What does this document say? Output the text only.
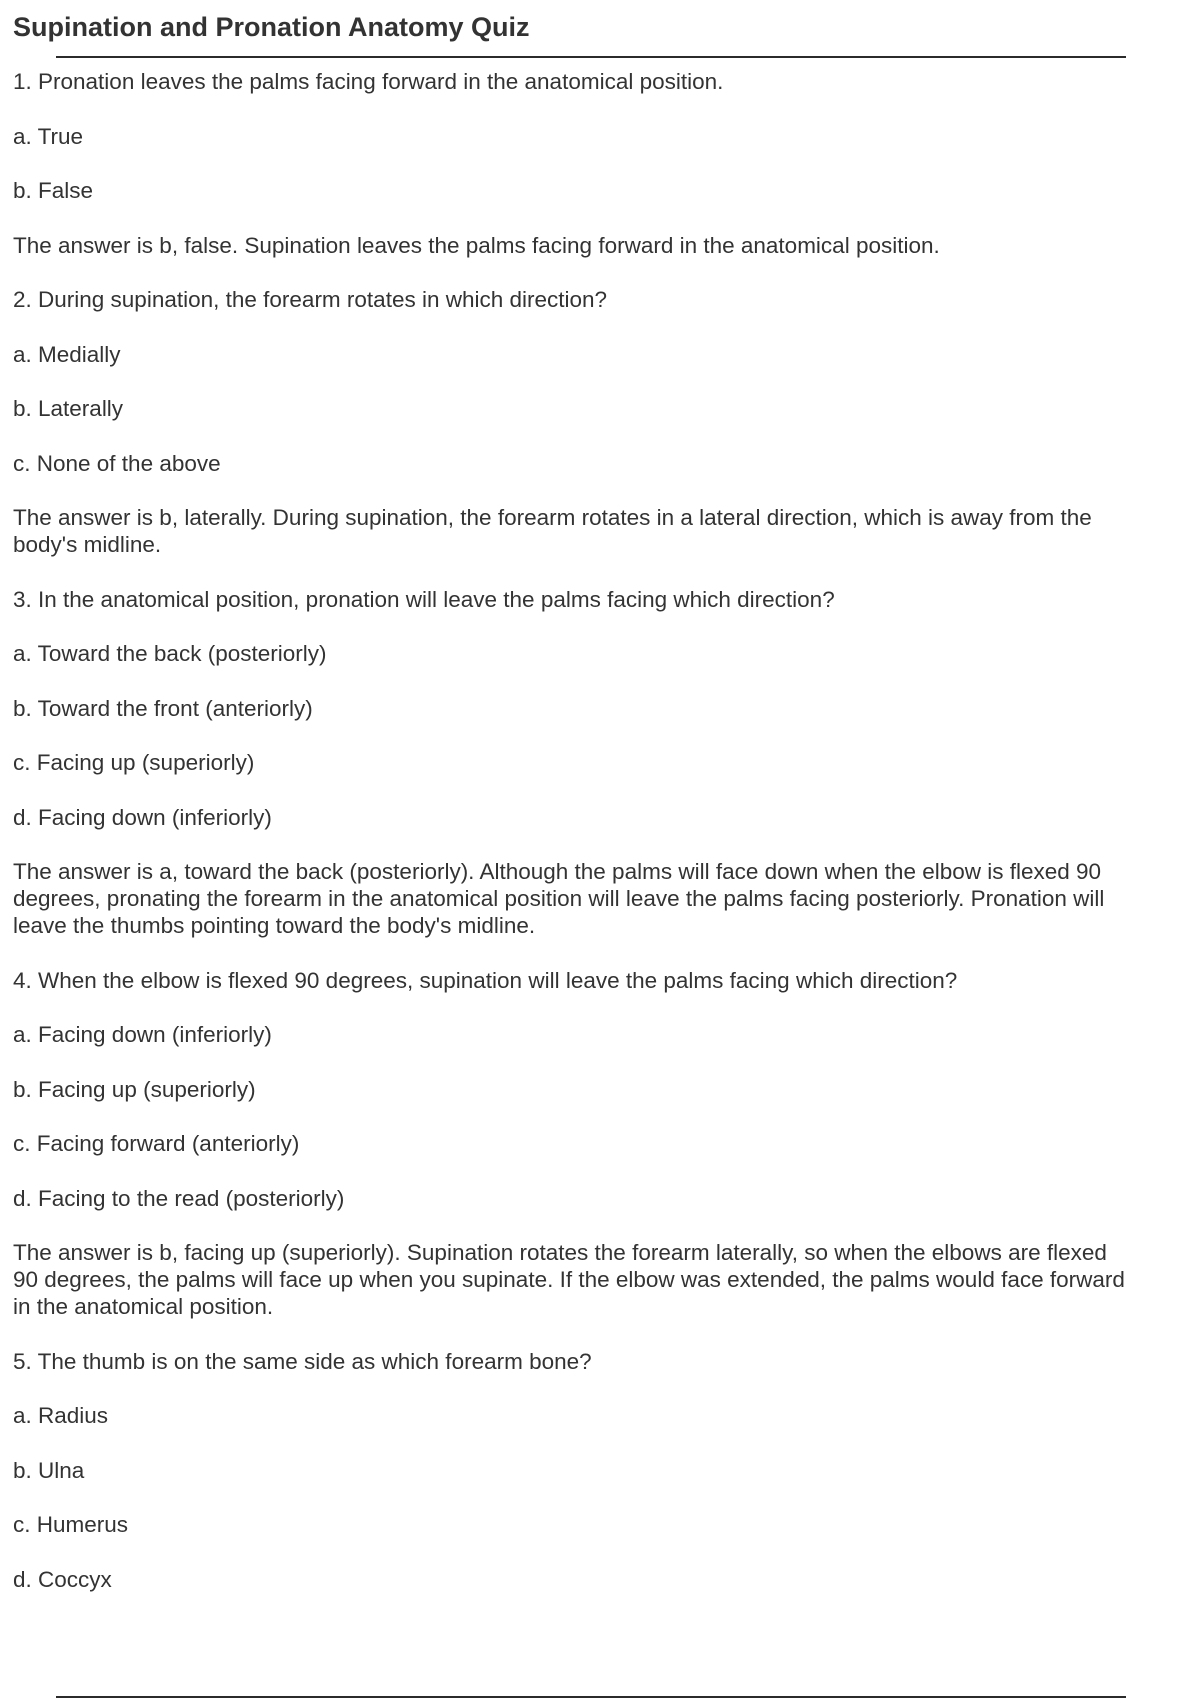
Supination and Pronation Anatomy Quiz
1. Pronation leaves the palms facing forward in the anatomical position.
a. True
b. False
The answer is b, false. Supination leaves the palms facing forward in the anatomical position.
2. During supination, the forearm rotates in which direction?
a. Medially
b. Laterally
c. None of the above
The answer is b, laterally. During supination, the forearm rotates in a lateral direction, which is away from the
body's midline.
3. In the anatomical position, pronation will leave the palms facing which direction?
a. Toward the back (posteriorly)
b. Toward the front (anteriorly)
c. Facing up (superiorly)
d. Facing down (inferiorly)
The answer is a, toward the back (posteriorly). Although the palms will face down when the elbow is flexed 90
degrees, pronating the forearm in the anatomical position will leave the palms facing posteriorly. Pronation will
leave the thumbs pointing toward the body's midline.
4. When the elbow is flexed 90 degrees, supination will leave the palms facing which direction?
a. Facing down (inferiorly)
b. Facing up (superiorly)
c. Facing forward (anteriorly)
d. Facing to the read (posteriorly)
The answer is b, facing up (superiorly). Supination rotates the forearm laterally, so when the elbows are flexed
90 degrees, the palms will face up when you supinate. If the elbow was extended, the palms would face forward
in the anatomical position.
5. The thumb is on the same side as which forearm bone?
a. Radius
b. Ulna
c. Humerus
d. Coccyx
